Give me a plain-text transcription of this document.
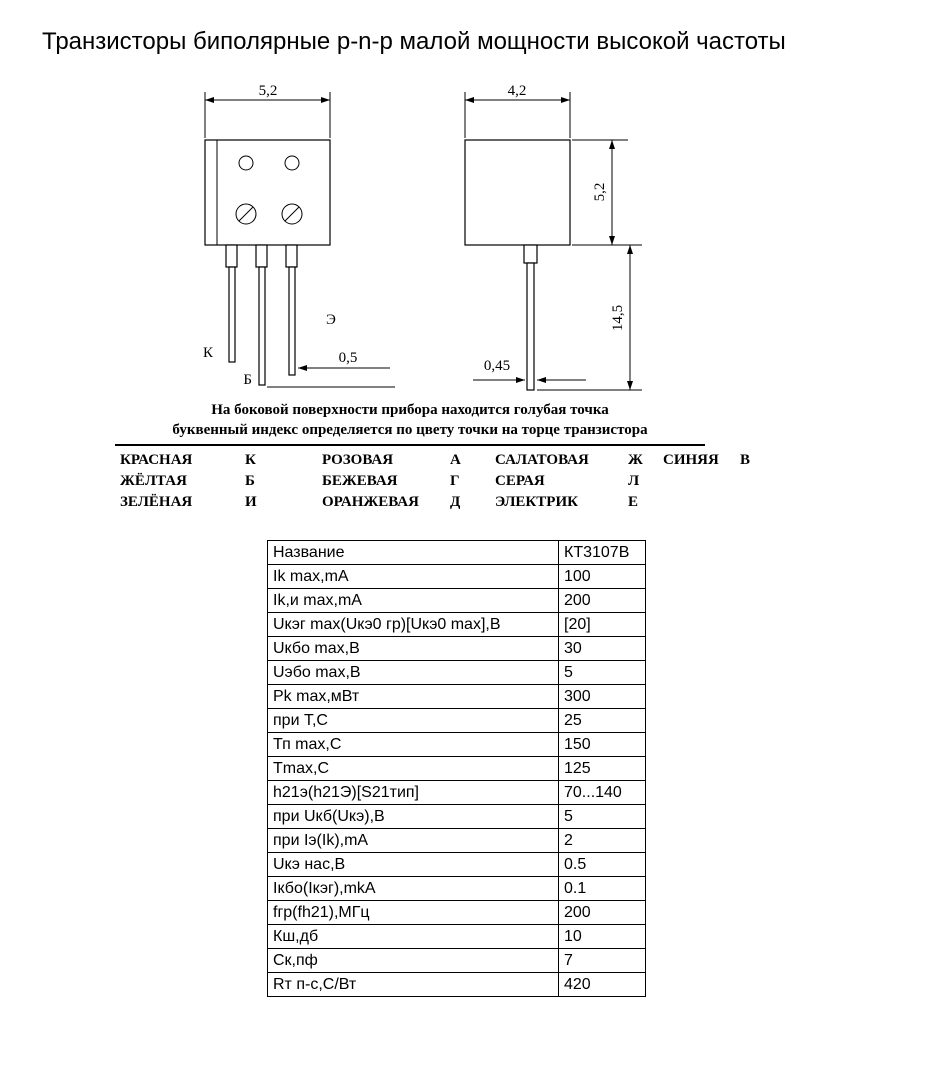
Транзисторы биполярные p-n-p малой мощности высокой частоты
5,2
К
Б
Э
0,5
4,2
5,2
14,5
0,45
На боковой поверхности прибора находится голубая точка
буквенный индекс определяется по цвету точки на торце транзистора
КРАСНАЯ	К	РОЗОВАЯ	А	САЛАТОВАЯ	Ж	СИНЯЯ	В
ЖЁЛТАЯ	Б	БЕЖЕВАЯ	Г	СЕРАЯ	Л
ЗЕЛЁНАЯ	И	ОРАНЖЕВАЯ	Д	ЭЛЕКТРИК	Е
Название	КТ3107В
Ik max,mA	100
Ik,и max,mA	200
Uкэг max(Uкэ0 гр)[Uкэ0 max],B	[20]
Uкбо max,B	30
Uэбо max,B	5
Pk max,мВт	300
при Т,С	25
Тп max,С	150
Tmax,С	125
h21э(h21Э)[S21тип]	70...140
при Uкб(Uкэ),B	5
при Iэ(Ik),mA	2
Uкэ нас,B	0.5
Iкбо(Iкэг),mkA	0.1
fгр(fh21),МГц	200
Кш,дб	10
Ск,пф	7
Rт п-с,С/Вт	420
